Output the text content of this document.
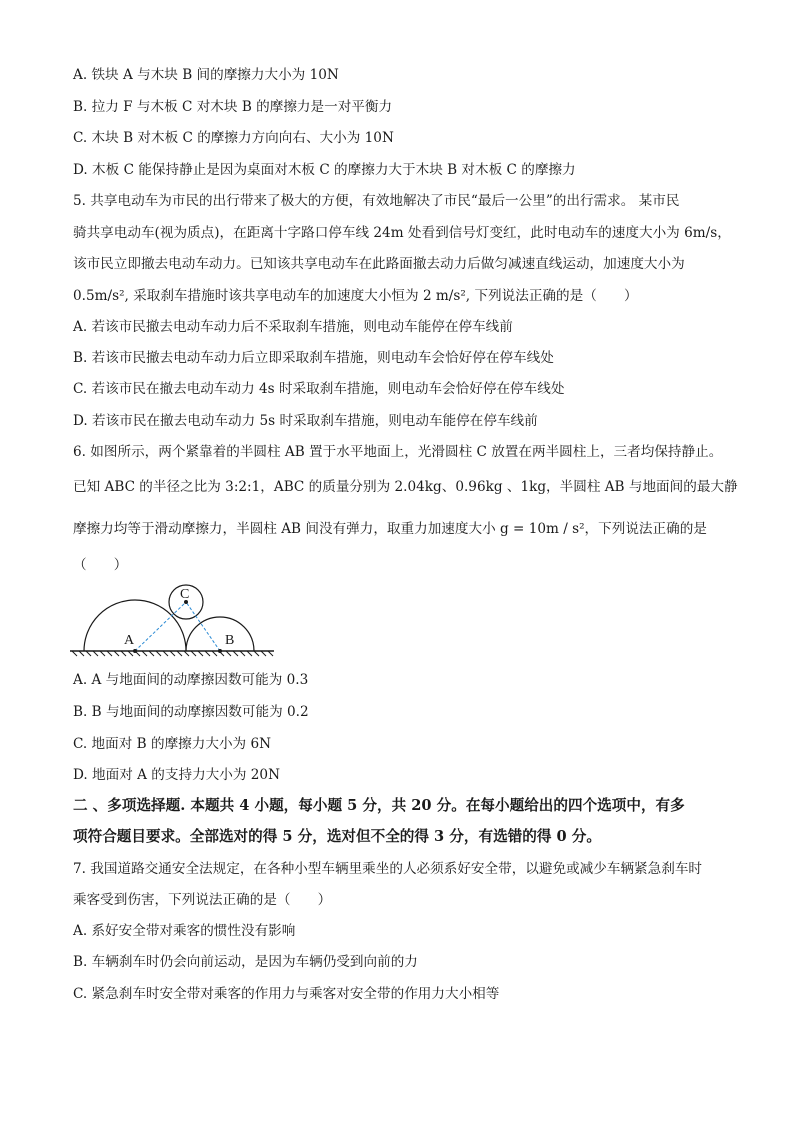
A. 铁块 A 与木块 B 间的摩擦力大小为 10N
B. 拉力 F 与木板 C 对木块 B 的摩擦力是一对平衡力
C. 木块 B 对木板 C 的摩擦力方向向右、大小为 10N
D. 木板 C 能保持静止是因为桌面对木板 C 的摩擦力大于木块 B 对木板 C 的摩擦力
5. 共享电动车为市民的出行带来了极大的方便，有效地解决了市民“最后一公里”的出行需求。 某市民
骑共享电动车(视为质点)，在距离十字路口停车线 24m 处看到信号灯变红，此时电动车的速度大小为 6m/s，
该市民立即撤去电动车动力。已知该共享电动车在此路面撤去动力后做匀减速直线运动，加速度大小为
0.5m/s², 采取刹车措施时该共享电动车的加速度大小恒为 2 m/s², 下列说法正确的是（　　）
A. 若该市民撤去电动车动力后不采取刹车措施，则电动车能停在停车线前
B. 若该市民撤去电动车动力后立即采取刹车措施，则电动车会恰好停在停车线处
C. 若该市民在撤去电动车动力 4s 时采取刹车措施，则电动车会恰好停在停车线处
D. 若该市民在撤去电动车动力 5s 时采取刹车措施，则电动车能停在停车线前
6. 如图所示，两个紧靠着的半圆柱 AB 置于水平地面上，光滑圆柱 C 放置在两半圆柱上，三者均保持静止。
已知 ABC 的半径之比为 3:2:1，ABC 的质量分别为 2.04kg、0.96kg 、1kg，半圆柱 AB 与地面间的最大静
摩擦力均等于滑动摩擦力，半圆柱 AB 间没有弹力，取重力加速度大小 g = 10m / s²，下列说法正确的是
（　　）
A	B
C
A. A 与地面间的动摩擦因数可能为 0.3
B. B 与地面间的动摩擦因数可能为 0.2
C. 地面对 B 的摩擦力大小为 6N
D. 地面对 A 的支持力大小为 20N
二 、多项选择题. 本题共 4 小题，每小题 5 分，共 20 分。在每小题给出的四个选项中，有多
项符合题目要求。全部选对的得 5 分，选对但不全的得 3 分，有选错的得 0 分。
7. 我国道路交通安全法规定，在各种小型车辆里乘坐的人必须系好安全带，以避免或减少车辆紧急刹车时
乘客受到伤害，下列说法正确的是（　　）
A. 系好安全带对乘客的惯性没有影响
B. 车辆刹车时仍会向前运动，是因为车辆仍受到向前的力
C. 紧急刹车时安全带对乘客的作用力与乘客对安全带的作用力大小相等
